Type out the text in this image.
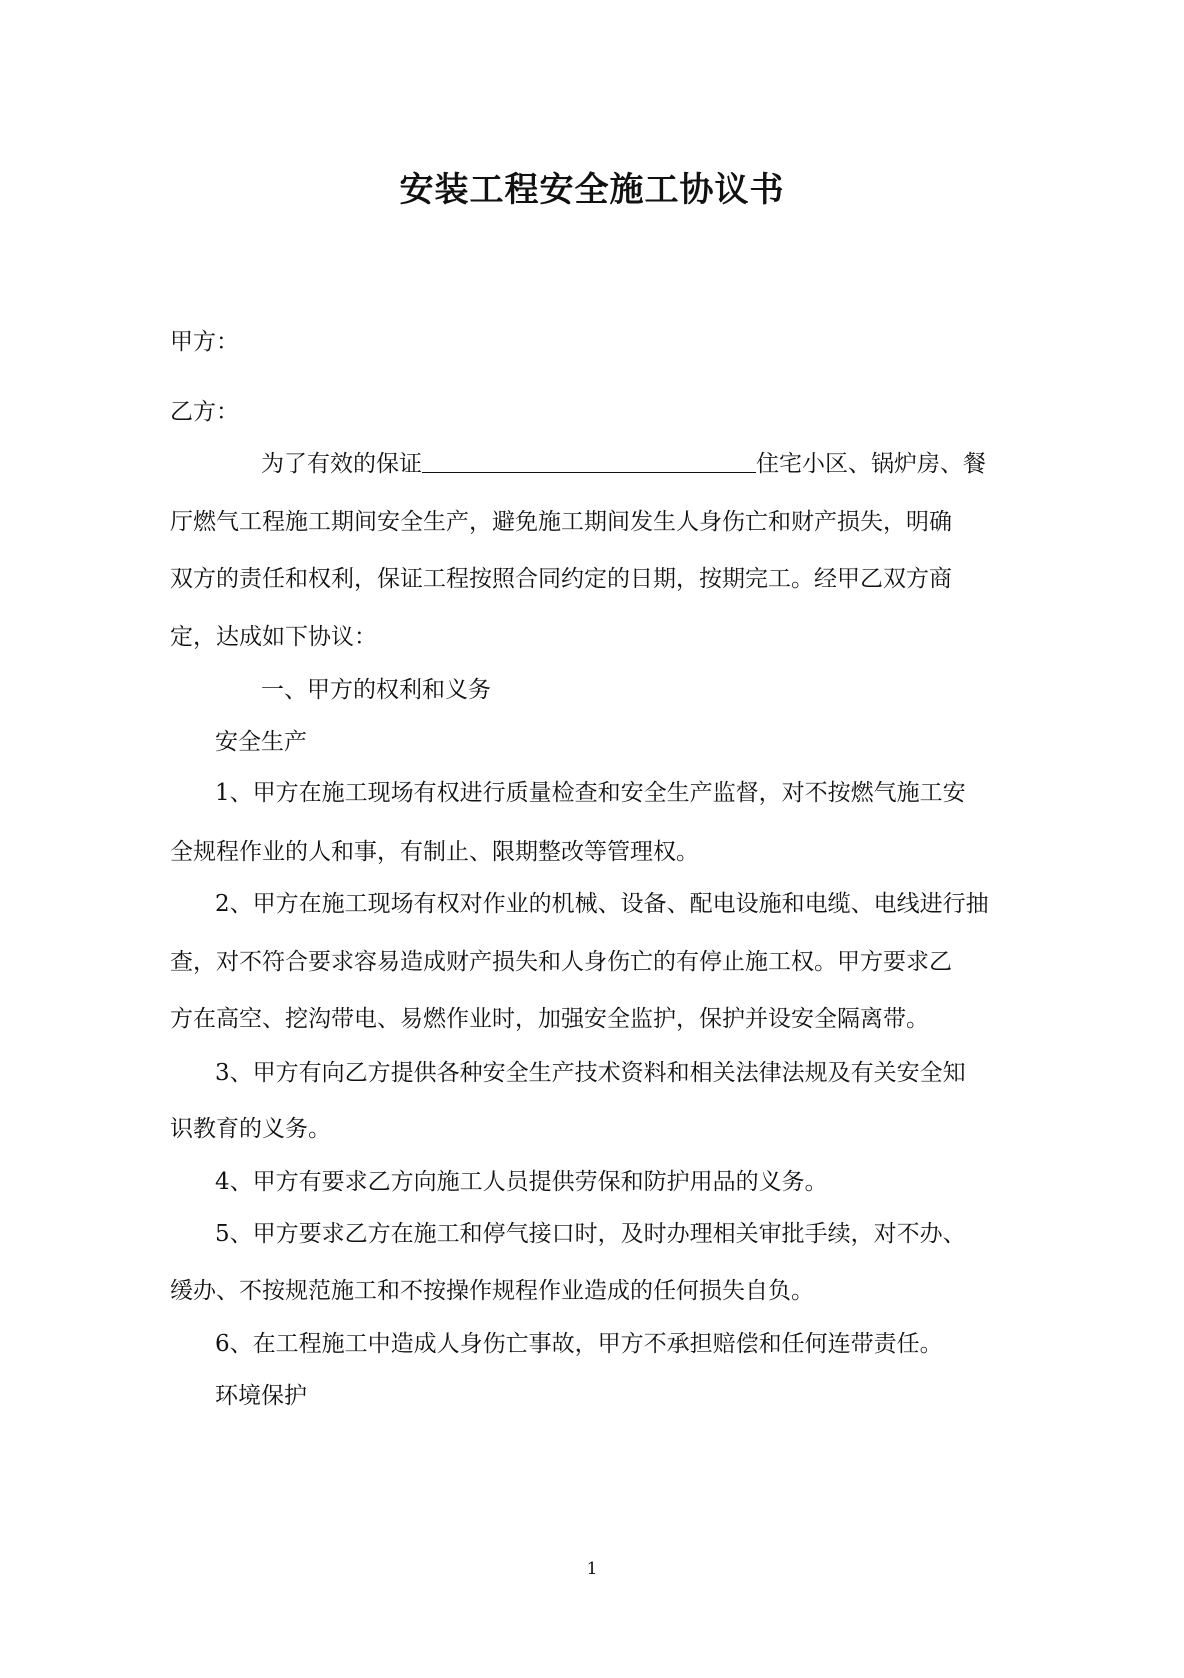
安装工程安全施工协议书

甲方：

乙方：

为了有效的保证	住宅小区、锅炉房、餐

厅燃气工程施工期间安全生产，避免施工期间发生人身伤亡和财产损失，明确

双方的责任和权利，保证工程按照合同约定的日期，按期完工。经甲乙双方商

定，达成如下协议：

一、甲方的权利和义务

安全生产

1、甲方在施工现场有权进行质量检查和安全生产监督，对不按燃气施工安

全规程作业的人和事，有制止、限期整改等管理权。

2、甲方在施工现场有权对作业的机械、设备、配电设施和电缆、电线进行抽

查，对不符合要求容易造成财产损失和人身伤亡的有停止施工权。甲方要求乙

方在高空、挖沟带电、易燃作业时，加强安全监护，保护并设安全隔离带。

3、甲方有向乙方提供各种安全生产技术资料和相关法律法规及有关安全知

识教育的义务。

4、甲方有要求乙方向施工人员提供劳保和防护用品的义务。

5、甲方要求乙方在施工和停气接口时，及时办理相关审批手续，对不办、

缓办、不按规范施工和不按操作规程作业造成的任何损失自负。

6、在工程施工中造成人身伤亡事故，甲方不承担赔偿和任何连带责任。

环境保护

1
